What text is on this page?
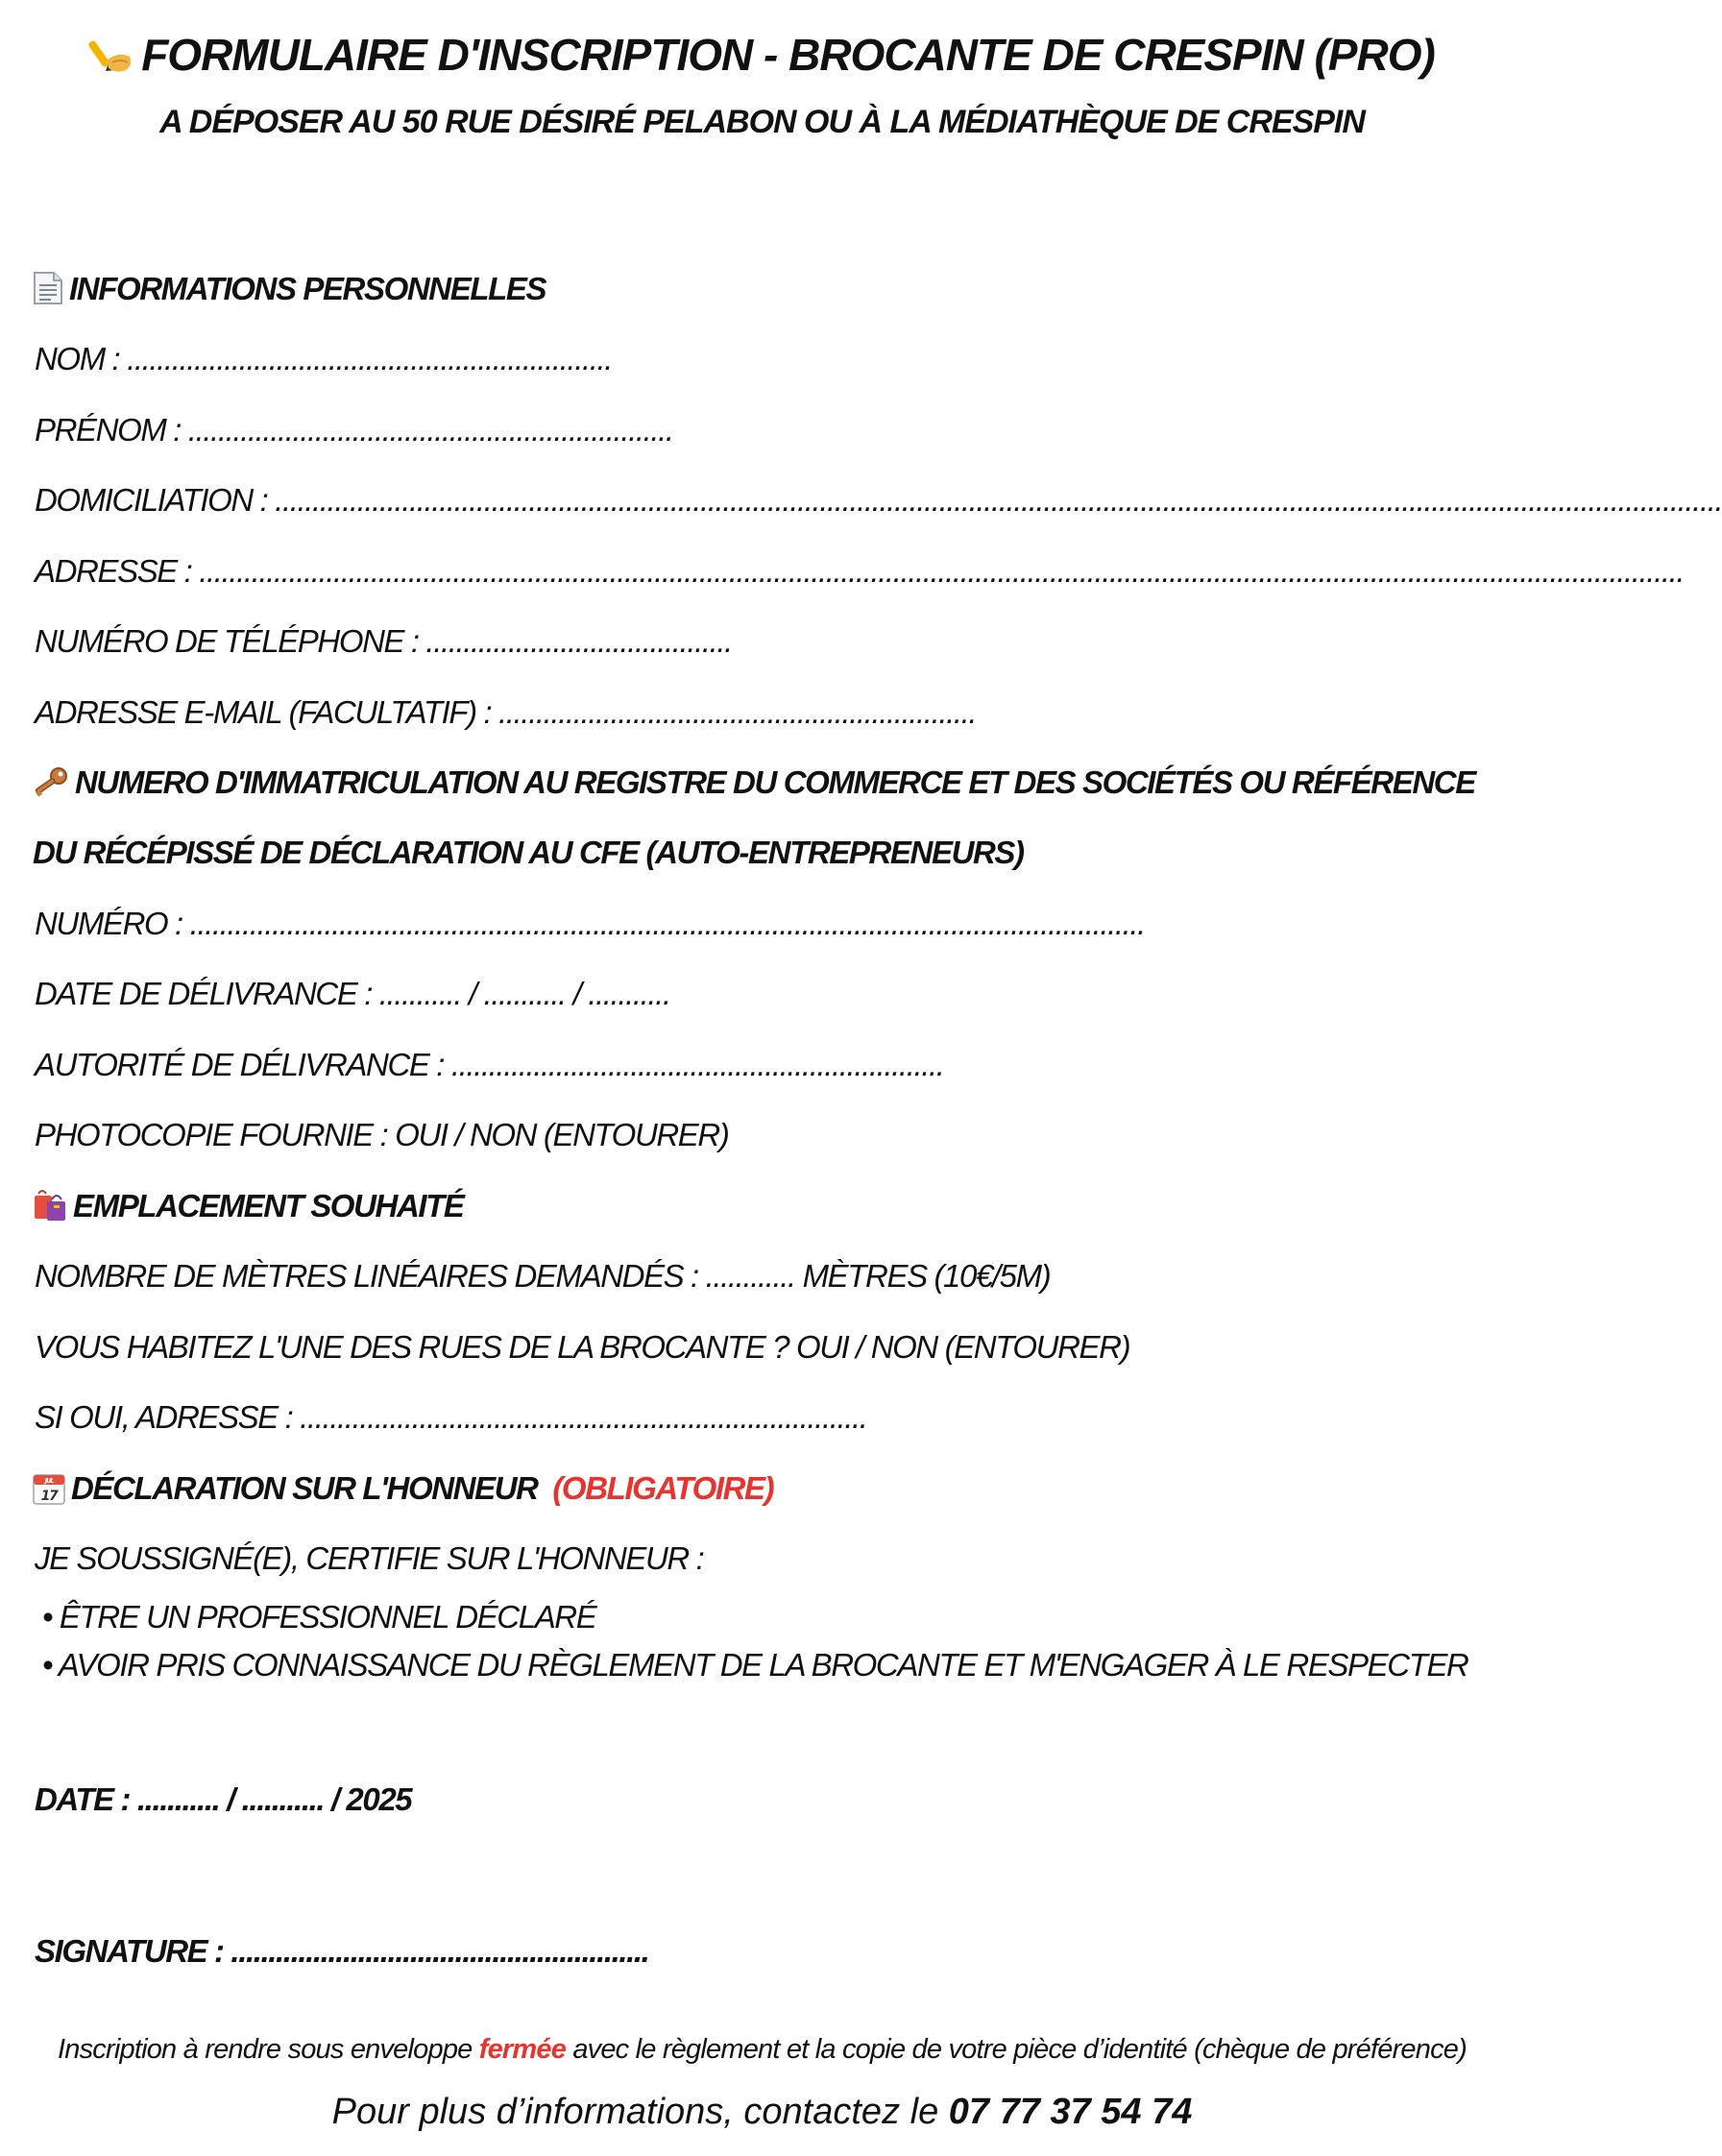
FORMULAIRE D'INSCRIPTION - BROCANTE DE CRESPIN (PRO)
A DÉPOSER AU 50 RUE DÉSIRÉ PELABON OU À LA MÉDIATHÈQUE DE CRESPIN
INFORMATIONS PERSONNELLES
NOM : .................................................................
PRÉNOM : .................................................................
DOMICILIATION : ..................................................................................................................................................................................................
ADRESSE : .......................................................................................................................................................................................................
NUMÉRO DE TÉLÉPHONE : .........................................
ADRESSE E-MAIL (FACULTATIF) : ................................................................
NUMERO D'IMMATRICULATION AU REGISTRE DU COMMERCE ET DES SOCIÉTÉS OU RÉFÉRENCE
DU RÉCÉPISSÉ DE DÉCLARATION AU CFE (AUTO-ENTREPRENEURS)
NUMÉRO : ................................................................................................................................
DATE DE DÉLIVRANCE : ........... / ........... / ...........
AUTORITÉ DE DÉLIVRANCE : ..................................................................
PHOTOCOPIE FOURNIE : OUI / NON (ENTOURER)
EMPLACEMENT SOUHAITÉ
NOMBRE DE MÈTRES LINÉAIRES DEMANDÉS : ............ MÈTRES (10€/5M)
VOUS HABITEZ L'UNE DES RUES DE LA BROCANTE ? OUI / NON (ENTOURER)
SI OUI, ADRESSE : ............................................................................
JUL
17 DÉCLARATION SUR L'HONNEUR (OBLIGATOIRE)
JE SOUSSIGNÉ(E), CERTIFIE SUR L'HONNEUR :
• ÊTRE UN PROFESSIONNEL DÉCLARÉ
• AVOIR PRIS CONNAISSANCE DU RÈGLEMENT DE LA BROCANTE ET M'ENGAGER À LE RESPECTER
DATE : ........... / ........... / 2025
SIGNATURE : ........................................................
Inscription à rendre sous enveloppe fermée avec le règlement et la copie de votre pièce d’identité (chèque de préférence)
Pour plus d’informations, contactez le 07 77 37 54 74
